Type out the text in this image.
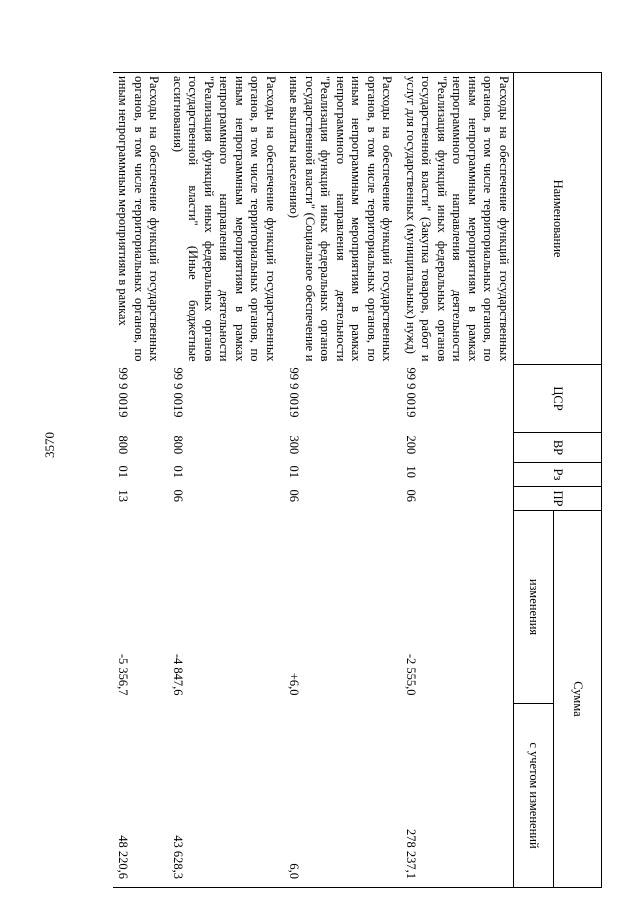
3570
Наименование	ЦСР	ВР	Рз	ПР	Сумма	
					изменения	с учетом изменений
Расходы на обеспечение функций государственных органов, в том числе территориальных органов, по иным непрограммным мероприятиям в рамках непрограммного направления деятельности "Реализация функций иных федеральных органов государственной власти" (Закупка товаров, работ и услуг для государственных (муниципальных) нужд)	99 9 0019	200	10	06	-2 555,0	278 237,1
Расходы на обеспечение функций государственных органов, в том числе территориальных органов, по иным непрограммным мероприятиям в рамках непрограммного направления деятельности "Реализация функций иных федеральных органов государственной власти" (Социальное обеспечение и иные выплаты населению)	99 9 0019	300	01	06	+6,0	6,0
Расходы на обеспечение функций государственных органов, в том числе территориальных органов, по иным непрограммным мероприятиям в рамках непрограммного направления деятельности "Реализация функций иных федеральных органов государственной власти" (Иные бюджетные ассигнования)	99 9 0019	800	01	06	-4 847,6	43 628,3
Расходы на обеспечение функций государственных органов, в том числе территориальных органов, по иным непрограммным мероприятиям в рамках	99 9 0019	800	01	13	-5 356,7	48 220,6
